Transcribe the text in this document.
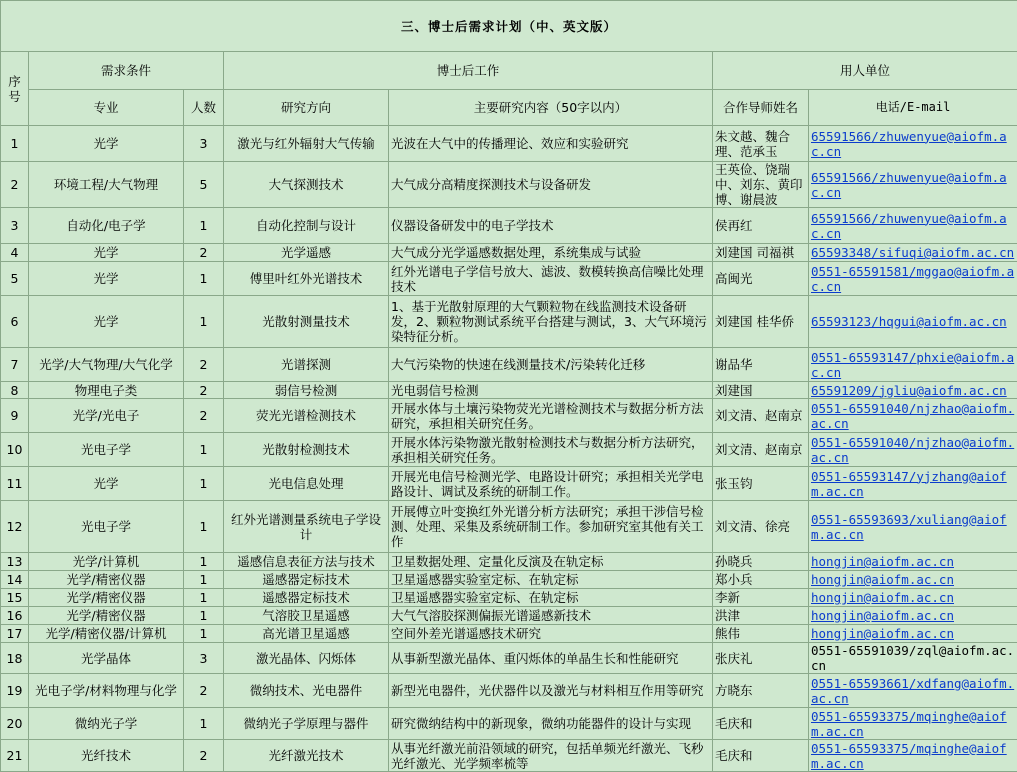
三、博士后需求计划（中、英文版）						
序号	需求条件		博士后工作		用人单位	
	专业	人数	研究方向	主要研究内容（50字以内）	合作导师姓名	电话/E-mail
1	光学	3	激光与红外辐射大气传输	光波在大气中的传播理论、效应和实验研究	朱文越、魏合理、范承玉	65591566/zhuwenyue@aiofm.ac.cn
2	环境工程/大气物理	5	大气探测技术	大气成分高精度探测技术与设备研发	王英俭、饶瑞中、刘东、黄印博、谢晨波	65591566/zhuwenyue@aiofm.ac.cn
3	自动化/电子学	1	自动化控制与设计	仪器设备研发中的电子学技术	侯再红	65591566/zhuwenyue@aiofm.ac.cn
4	光学	2	光学遥感	大气成分光学遥感数据处理，系统集成与试验	刘建国 司福祺	65593348/sifuqi@aiofm.ac.cn
5	光学	1	傅里叶红外光谱技术	红外光谱电子学信号放大、滤波、数模转换高信噪比处理技术	高闽光	0551-65591581/mggao@aiofm.ac.cn
6	光学	1	光散射测量技术	1、基于光散射原理的大气颗粒物在线监测技术设备研发，2、颗粒物测试系统平台搭建与测试，3、大气环境污染特征分析。	刘建国 桂华侨	65593123/hqgui@aiofm.ac.cn
7	光学/大气物理/大气化学	2	光谱探测	大气污染物的快速在线测量技术/污染转化迁移	谢品华	0551-65593147/phxie@aiofm.ac.cn
8	物理电子类	2	弱信号检测	光电弱信号检测	刘建国	65591209/jgliu@aiofm.ac.cn
9	光学/光电子	2	荧光光谱检测技术	开展水体与土壤污染物荧光光谱检测技术与数据分析方法研究，承担相关研究任务。	刘文清、赵南京	0551-65591040/njzhao@aiofm.ac.cn
10	光电子学	1	光散射检测技术	开展水体污染物激光散射检测技术与数据分析方法研究，承担相关研究任务。	刘文清、赵南京	0551-65591040/njzhao@aiofm.ac.cn
11	光学	1	光电信息处理	开展光电信号检测光学、电路设计研究；承担相关光学电路设计、调试及系统的研制工作。	张玉钧	0551-65593147/yjzhang@aiofm.ac.cn
12	光电子学	1	红外光谱测量系统电子学设计	开展傅立叶变换红外光谱分析方法研究；承担干涉信号检测、处理、采集及系统研制工作。参加研究室其他有关工作	刘文清、徐亮	0551-65593693/xuliang@aiofm.ac.cn
13	光学/计算机	1	遥感信息表征方法与技术	卫星数据处理、定量化反演及在轨定标	孙晓兵	hongjin@aiofm.ac.cn
14	光学/精密仪器	1	遥感器定标技术	卫星遥感器实验室定标、在轨定标	郑小兵	hongjin@aiofm.ac.cn
15	光学/精密仪器	1	遥感器定标技术	卫星遥感器实验室定标、在轨定标	李新	hongjin@aiofm.ac.cn
16	光学/精密仪器	1	气溶胶卫星遥感	大气气溶胶探测偏振光谱遥感新技术	洪津	hongjin@aiofm.ac.cn
17	光学/精密仪器/计算机	1	高光谱卫星遥感	空间外差光谱遥感技术研究	熊伟	hongjin@aiofm.ac.cn
18	光学晶体	3	激光晶体、闪烁体	从事新型激光晶体、重闪烁体的单晶生长和性能研究	张庆礼	0551-65591039/zql@aiofm.ac.cn
19	光电子学/材料物理与化学	2	微纳技术、光电器件	新型光电器件，光伏器件以及激光与材料相互作用等研究	方晓东	0551-65593661/xdfang@aiofm.ac.cn
20	微纳光子学	1	微纳光子学原理与器件	研究微纳结构中的新现象，微纳功能器件的设计与实现	毛庆和	0551-65593375/mqinghe@aiofm.ac.cn
21	光纤技术	2	光纤激光技术	从事光纤激光前沿领域的研究，包括单频光纤激光、飞秒光纤激光、光学频率梳等	毛庆和	0551-65593375/mqinghe@aiofm.ac.cn
